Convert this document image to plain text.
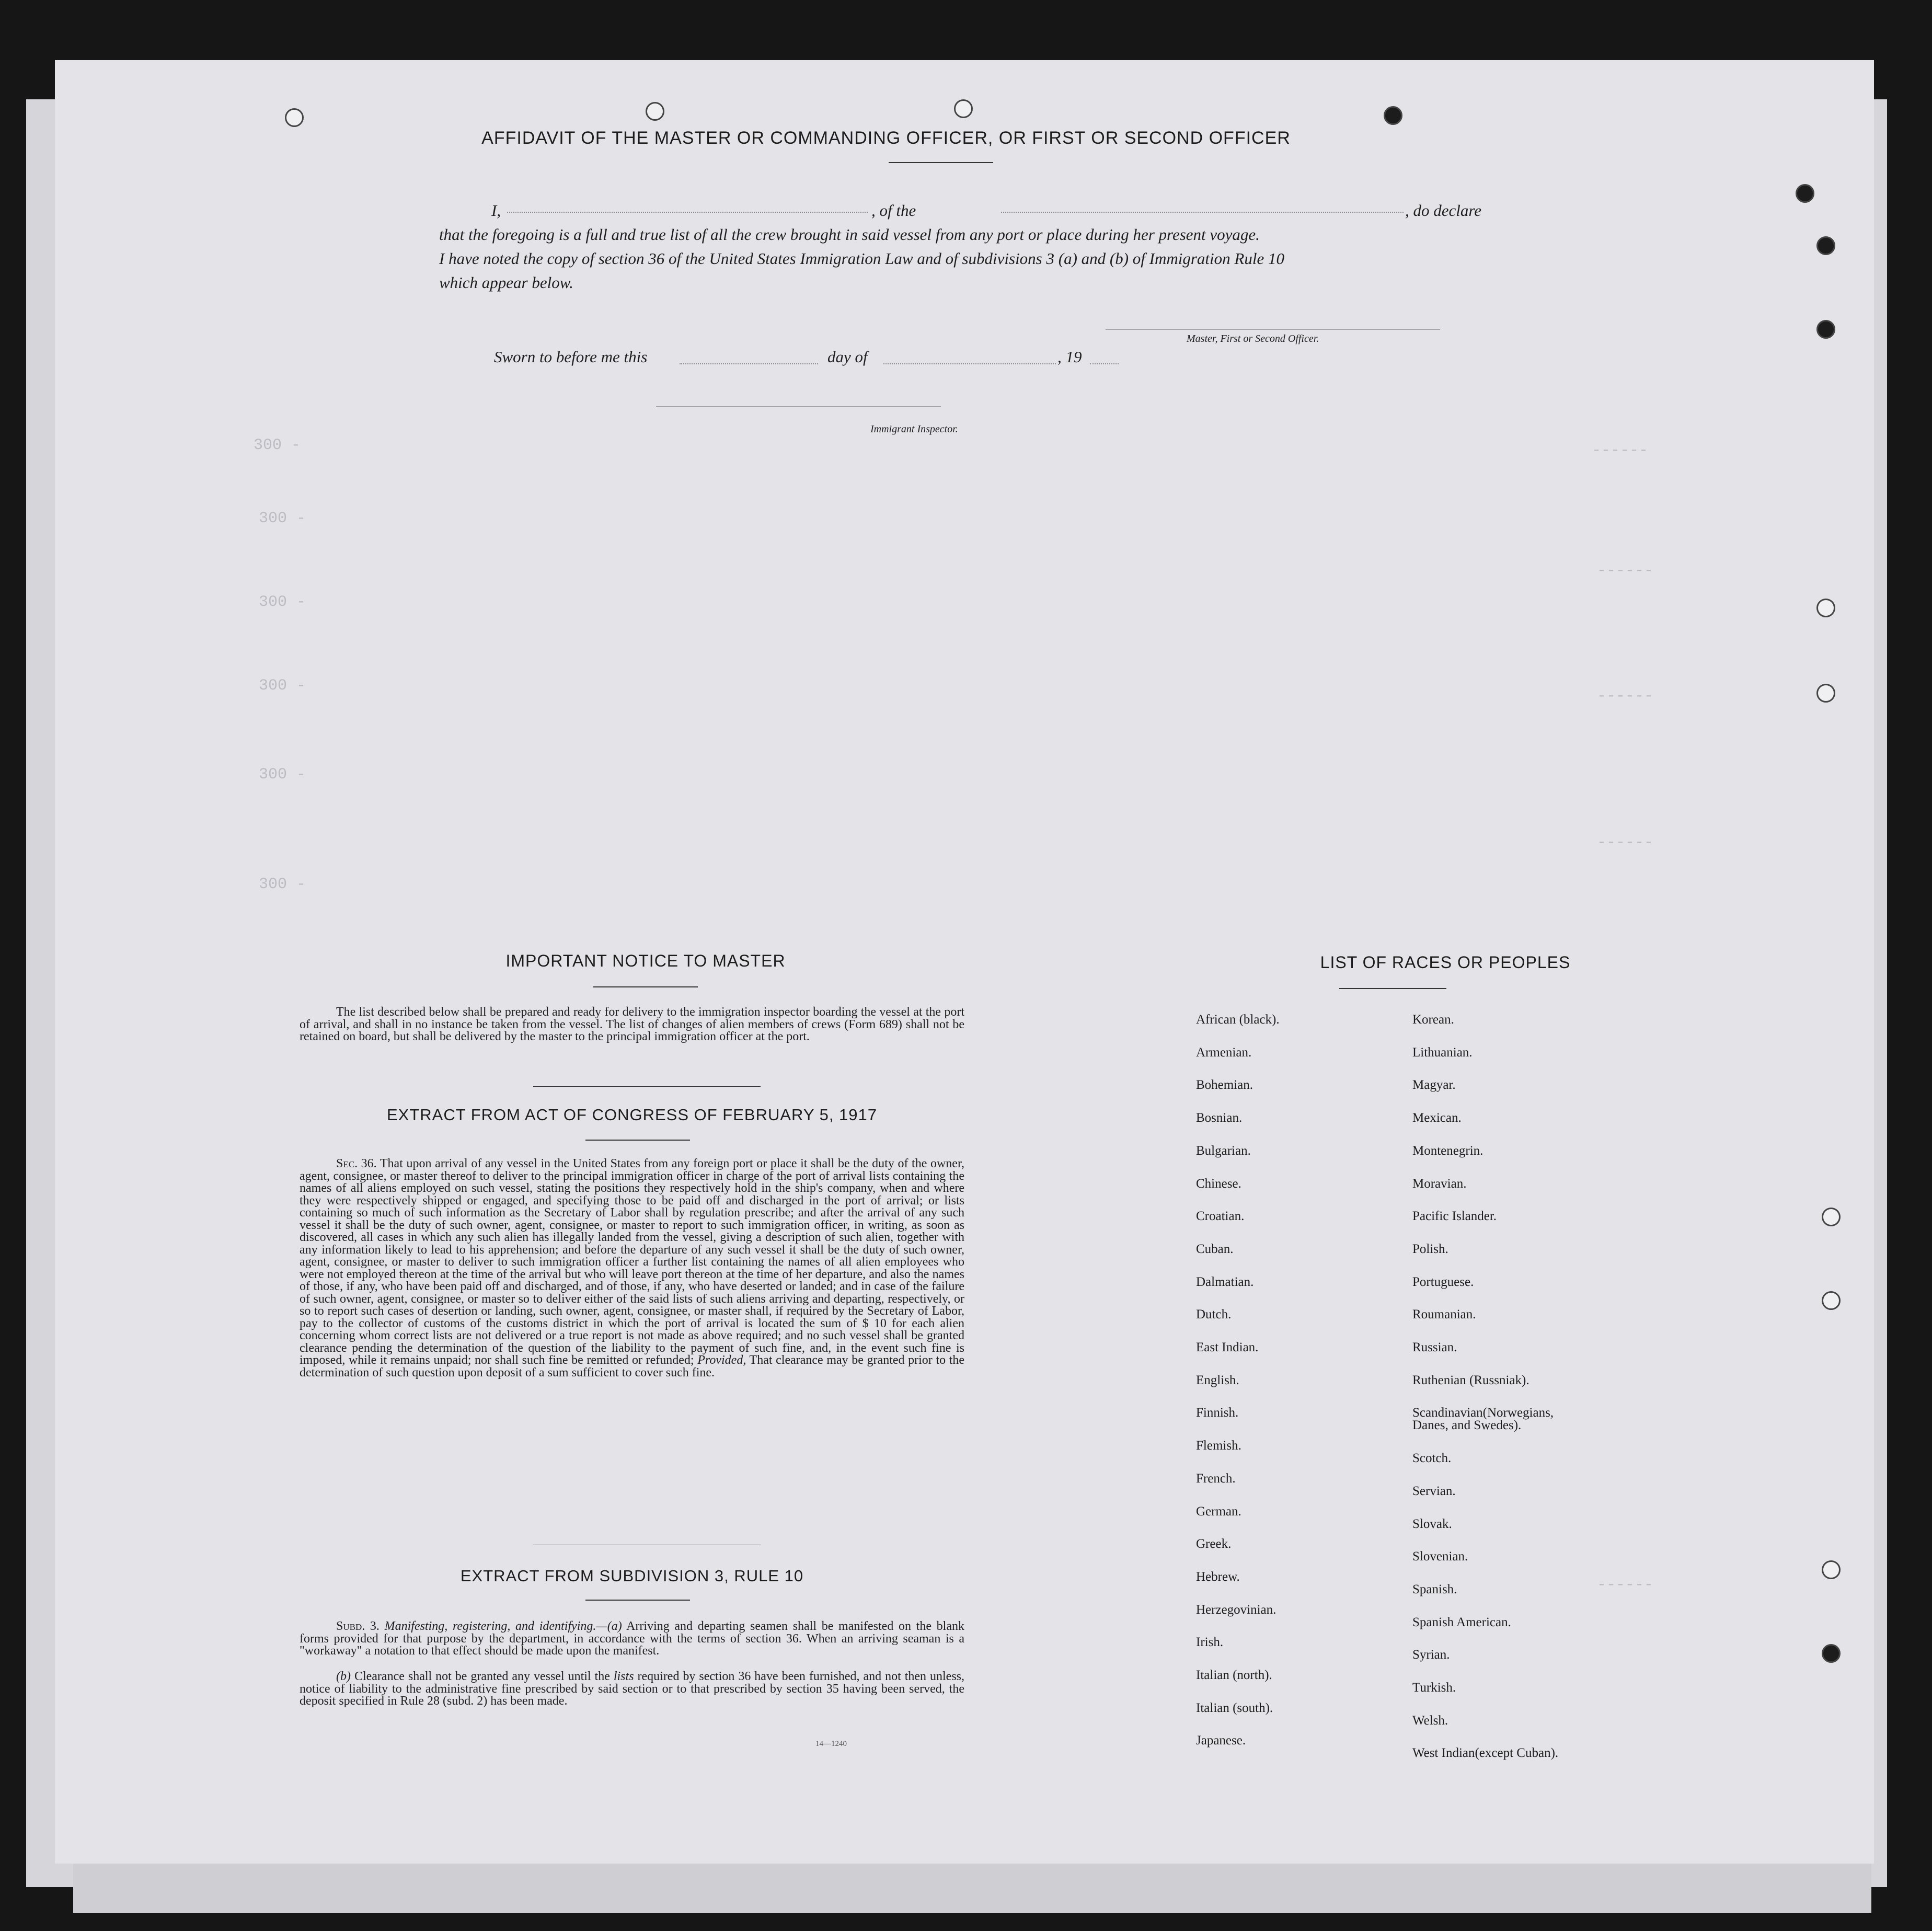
300 -
300 -
300 -
300 -
300 -
300 -
------
------
------
------
------
AFFIDAVIT OF THE MASTER OR COMMANDING OFFICER, OR FIRST OR SECOND OFFICER
I,	, of the	, do declare
that the foregoing is a full and true list of all the crew brought in said vessel from any port or place during her present voyage.
I have noted the copy of section 36 of the United States Immigration Law and of subdivisions 3 (a) and (b) of Immigration Rule 10
which appear below.
Master, First or Second Officer.
Sworn to before me this	day of	, 19
Immigrant Inspector.
IMPORTANT NOTICE TO MASTER
The list described below shall be prepared and ready for delivery to the immigration inspector boarding the vessel at the port of arrival, and shall in no instance be taken from the vessel. The list of changes of alien members of crews (Form 689) shall not be retained on board, but shall be delivered by the master to the principal immigration officer at the port.
EXTRACT FROM ACT OF CONGRESS OF FEBRUARY 5, 1917
Sec. 36. That upon arrival of any vessel in the United States from any foreign port or place it shall be the duty of the owner, agent, consignee, or master thereof to deliver to the principal immigration officer in charge of the port of arrival lists containing the names of all aliens employed on such vessel, stating the positions they respectively hold in the ship's company, when and where they were respectively shipped or engaged, and specifying those to be paid off and discharged in the port of arrival; or lists containing so much of such information as the Secretary of Labor shall by regulation prescribe; and after the arrival of any such vessel it shall be the duty of such owner, agent, consignee, or master to report to such immigration officer, in writing, as soon as discovered, all cases in which any such alien has illegally landed from the vessel, giving a description of such alien, together with any information likely to lead to his apprehension; and before the departure of any such vessel it shall be the duty of such owner, agent, consignee, or master to deliver to such immigration officer a further list containing the names of all alien employees who were not employed thereon at the time of the arrival but who will leave port thereon at the time of her departure, and also the names of those, if any, who have been paid off and discharged, and of those, if any, who have deserted or landed; and in case of the failure of such owner, agent, consignee, or master so to deliver either of the said lists of such aliens arriving and departing, respectively, or so to report such cases of desertion or landing, such owner, agent, consignee, or master shall, if required by the Secretary of Labor, pay to the collector of customs of the customs district in which the port of arrival is located the sum of $ 10 for each alien concerning whom correct lists are not delivered or a true report is not made as above required; and no such vessel shall be granted clearance pending the determination of the question of the liability to the payment of such fine, and, in the event such fine is imposed, while it remains unpaid; nor shall such fine be remitted or refunded; Provided, That clearance may be granted prior to the determination of such question upon deposit of a sum sufficient to cover such fine.
EXTRACT FROM SUBDIVISION 3, RULE 10
Subd. 3. Manifesting, registering, and identifying.—(a) Arriving and departing seamen shall be manifested on the blank forms provided for that purpose by the department, in accordance with the terms of section 36. When an arriving seaman is a "workaway" a notation to that effect should be made upon the manifest.
(b) Clearance shall not be granted any vessel until the lists required by section 36 have been furnished, and not then unless, notice of liability to the administrative fine prescribed by said section or to that prescribed by section 35 having been served, the deposit specified in Rule 28 (subd. 2) has been made.
14—1240
LIST OF RACES OR PEOPLES
African (black).
Armenian.
Bohemian.
Bosnian.
Bulgarian.
Chinese.
Croatian.
Cuban.
Dalmatian.
Dutch.
East Indian.
English.
Finnish.
Flemish.
French.
German.
Greek.
Hebrew.
Herzegovinian.
Irish.
Italian (north).
Italian (south).
Japanese.
Korean.
Lithuanian.
Magyar.
Mexican.
Montenegrin.
Moravian.
Pacific Islander.
Polish.
Portuguese.
Roumanian.
Russian.
Ruthenian (Russniak).
Scandinavian(Norwegians,
Danes, and Swedes).
Scotch.
Servian.
Slovak.
Slovenian.
Spanish.
Spanish American.
Syrian.
Turkish.
Welsh.
West Indian(except Cuban).
